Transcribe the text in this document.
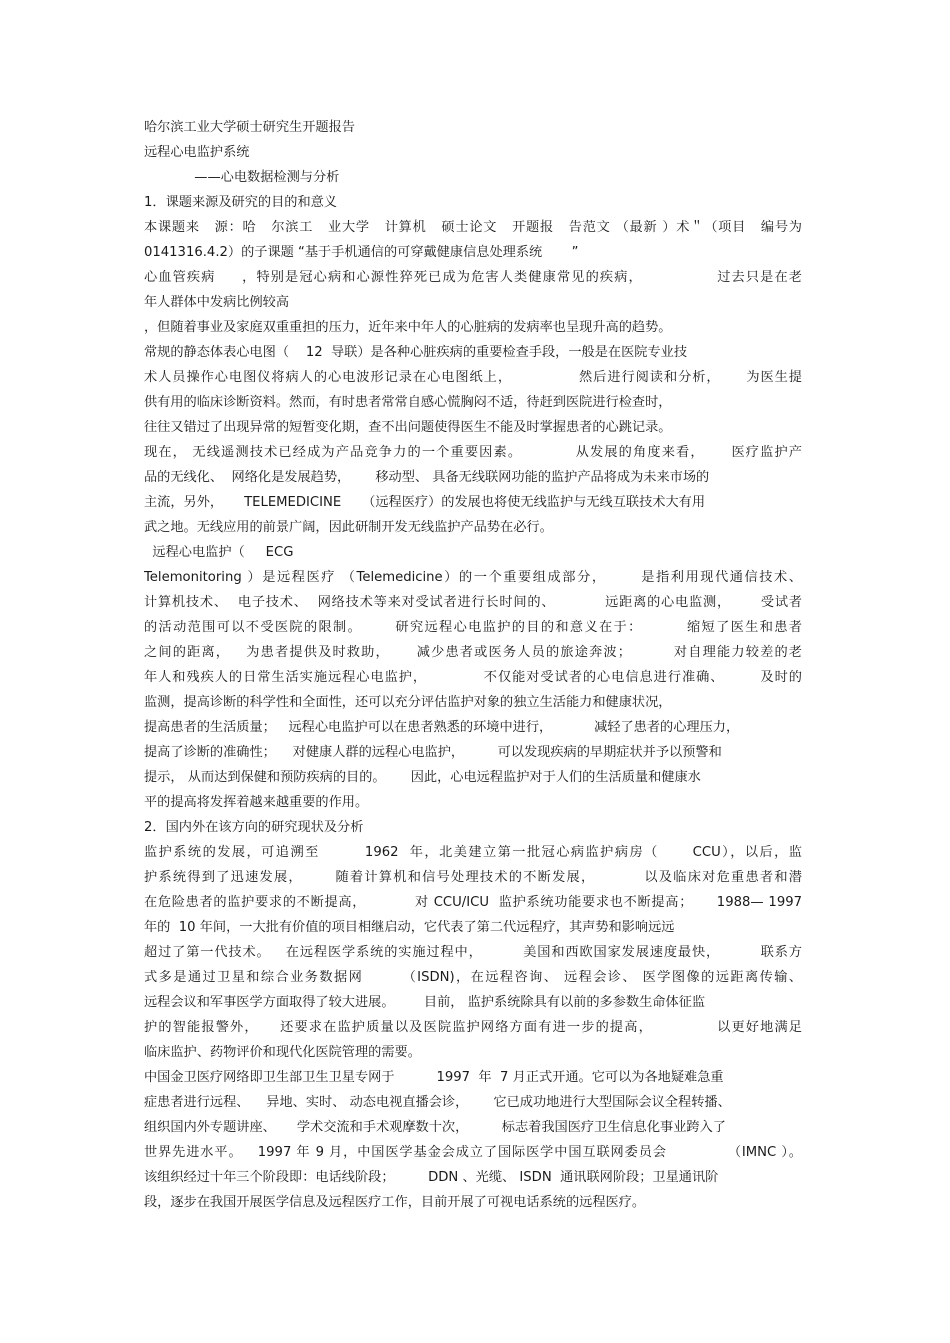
哈尔滨工业大学硕士研究生开题报告
远程心电监护系统
——心电数据检测与分析
1．课题来源及研究的目的和意义
本课题来   源：哈   尔滨工   业大学   计算机   硕士论文   开题报   告范文 （最新 ）术＂（项目   编号为
0141316.4.2）的子课题 “基于手机通信的可穿戴健康信息处理系统       ”
心血管疾病     ，特别是冠心病和心源性猝死已成为危害人类健康常见的疾病，              过去只是在老
年人群体中发病比例较高
，但随着事业及家庭双重重担的压力，近年来中年人的心脏病的发病率也呈现升高的趋势。
常规的静态体表心电图（    12  导联）是各种心脏疾病的重要检查手段，一般是在医院专业技
术人员操作心电图仪将病人的心电波形记录在心电图纸上，             然后进行阅读和分析，     为医生提
供有用的临床诊断资料。然而，有时患者常常自感心慌胸闷不适，待赶到医院进行检查时，
往往又错过了出现异常的短暂变化期，查不出问题使得医生不能及时掌握患者的心跳记录。
现在， 无线遥测技术已经成为产品竞争力的一个重要因素。          从发展的角度来看，     医疗监护产
品的无线化、  网络化是发展趋势，      移动型、 具备无线联网功能的监护产品将成为未来市场的
主流，另外，     TELEMEDICINE     （远程医疗）的发展也将使无线监护与无线互联技术大有用
武之地。无线应用的前景广阔，因此研制开发无线监护产品势在必行。
远程心电监护（     ECG
Telemonitoring ）是远程医疗 （Telemedicine）的一个重要组成部分，      是指利用现代通信技术、
计算机技术、  电子技术、  网络技术等来对受试者进行长时间的、          远距离的心电监测，      受试者
的活动范围可以不受医院的限制。      研究远程心电监护的目的和意义在于：        缩短了医生和患者
之间的距离，   为患者提供及时救助，     减少患者或医务人员的旅途奔波；        对自理能力较差的老
年人和残疾人的日常生活实施远程心电监护，           不仅能对受试者的心电信息进行准确、       及时的
监测，提高诊断的科学性和全面性，还可以充分评估监护对象的独立生活能力和健康状况，
提高患者的生活质量；   远程心电监护可以在患者熟悉的环境中进行，          减轻了患者的心理压力，
提高了诊断的准确性；    对健康人群的远程心电监护，        可以发现疾病的早期症状并予以预警和
提示， 从而达到保健和预防疾病的目的。      因此，心电远程监护对于人们的生活质量和健康水
平的提高将发挥着越来越重要的作用。
2．国内外在该方向的研究现状及分析
监护系统的发展，可追溯至        1962  年，北美建立第一批冠心病监护病房（      CCU），以后，监
护系统得到了迅速发展，      随着计算机和信号处理技术的不断发展，         以及临床对危重患者和潜
在危险患者的监护要求的不断提高，          对 CCU/ICU  监护系统功能要求也不断提高；     1988— 1997
年的  10 年间，一大批有价值的项目相继启动，它代表了第二代远程疗，其声势和影响远远
超过了第一代技术。   在远程医学系统的实施过程中，        美国和西欧国家发展速度最快，        联系方
式多是通过卫星和综合业务数据网       （ISDN)，在远程咨询、 远程会诊、 医学图像的远距离传输、
远程会议和军事医学方面取得了较大进展。       目前， 监护系统除具有以前的多参数生命体征监
护的智能报警外，    还要求在监护质量以及医院监护网络方面有进一步的提高，            以更好地满足
临床监护、药物评价和现代化医院管理的需要。
中国金卫医疗网络即卫生部卫生卫星专网于          1997  年  7 月正式开通。它可以为各地疑难急重
症患者进行远程、    异地、实时、 动态电视直播会诊，      它已成功地进行大型国际会议全程转播、
组织国内外专题讲座、     学术交流和手术观摩数十次，        标志着我国医疗卫生信息化事业跨入了
世界先进水平。   1997 年 9 月，中国医学基金会成立了国际医学中国互联网委员会            （IMNC ）。
该组织经过十年三个阶段即：电话线阶段；        DDN 、光缆、 ISDN  通讯联网阶段；卫星通讯阶
段，逐步在我国开展医学信息及远程医疗工作，目前开展了可视电话系统的远程医疗。
